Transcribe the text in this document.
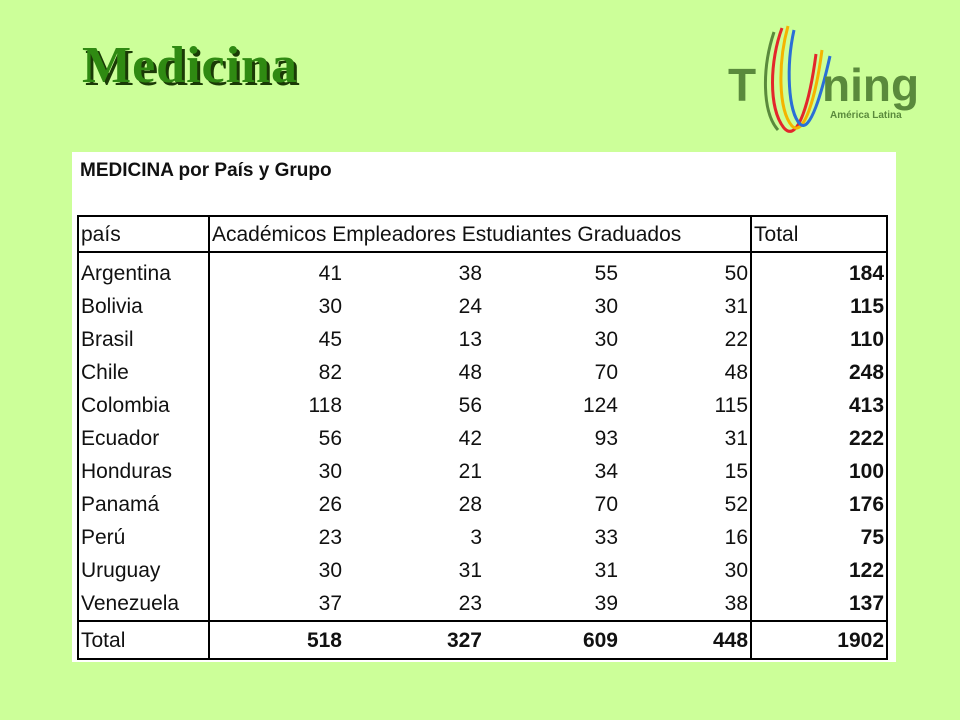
Medicina	T ning
América Latina
MEDICINA por País y Grupo
país	Académicos Empleadores Estudiantes Graduados				Total
Argentina	41	38	55	50	184
Bolivia	30	24	30	31	115
Brasil	45	13	30	22	110
Chile	82	48	70	48	248
Colombia	118	56	124	115	413
Ecuador	56	42	93	31	222
Honduras	30	21	34	15	100
Panamá	26	28	70	52	176
Perú	23	3	33	16	75
Uruguay	30	31	31	30	122
Venezuela	37	23	39	38	137
Total	518	327	609	448	1902
